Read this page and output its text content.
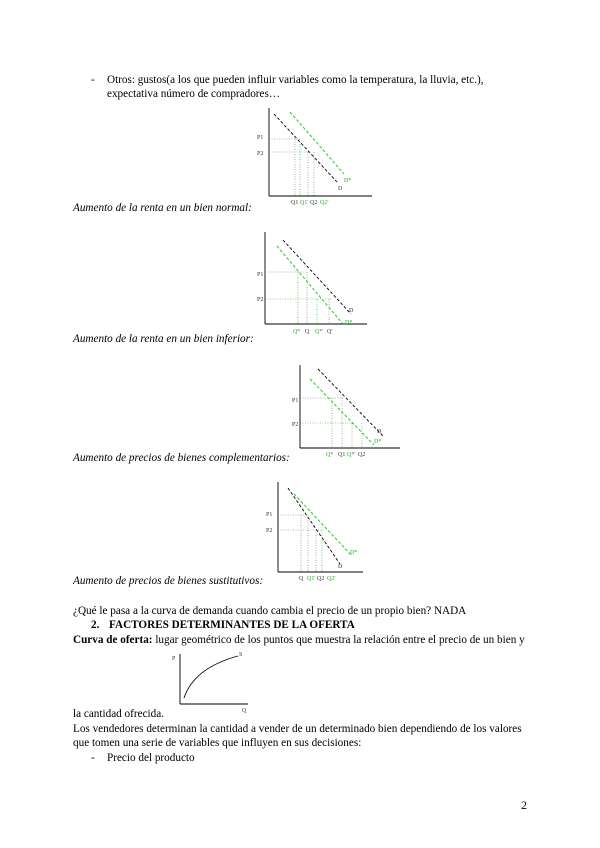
- Otros: gustos(a los que pueden influir variables como la temperatura, la lluvia, etc.),
expectativa número de compradores…
P1
P2
Q1 Q1' Q2 Q2'
D
D*
Aumento de la renta en un bien normal:
P1
P2
Q* Q Q*' Q'
D
D*
Aumento de la renta en un bien inferior:
P1
P2
Q* Q1 Q*' Q2
D
D*
Aumento de precios de bienes complementarios:
P1
P2
Q Q1' Q2 Q2'
D
D*
Aumento de precios de bienes sustitutivos:
¿Qué le pasa a la curva de demanda cuando cambia el precio de un propio bien? NADA
2. FACTORES DETERMINANTES DE LA OFERTA
Curva de oferta: lugar geométrico de los puntos que muestra la relación entre el precio de un bien y
S
P
Q
la cantidad ofrecida.
Los vendedores determinan la cantidad a vender de un determinado bien dependiendo de los valores
que tomen una serie de variables que influyen en sus decisiones:
- Precio del producto
2
